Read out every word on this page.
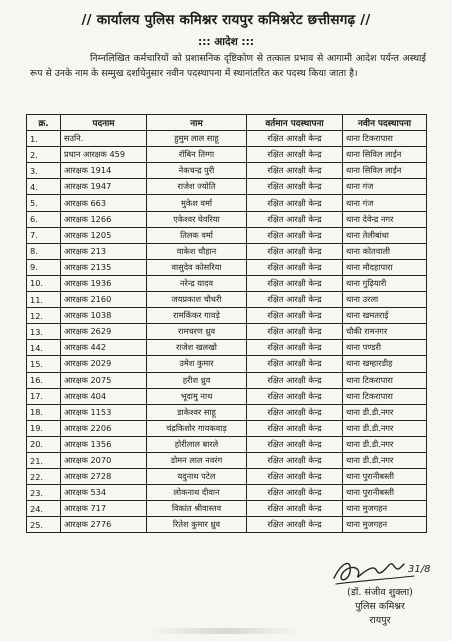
// कार्यालय पुलिस कमिश्नर रायपुर कमिश्नरेट छत्तीसगढ़ //
::: आदेश :::
निम्नलिखित कर्मचारियों को प्रशासनिक दृष्टिकोण से तत्काल प्रभाव से आगामी आदेश पर्यन्त अस्थाई रूप से उनके नाम के सम्मुख दर्शायेनुसार नवीन पदस्थापना में स्थानांतरित कर पदस्थ किया जाता है।
क्र.	पदनाम	नाम	वर्तमान पदस्थापना	नवीन पदस्थापना
1.	सउनि.	हुमुम लाल साहू	रक्षित आरक्षी केन्द्र	थाना टिकरापारा
2.	प्रधान आरक्षक 459	रॉबिन तिग्गा	रक्षित आरक्षी केन्द्र	थाना सिविल लाईन
3.	आरक्षक 1914	नेकचन्द्र पुरी	रक्षित आरक्षी केन्द्र	थाना सिविल लाईन
4.	आरक्षक 1947	राजेश ज्योति	रक्षित आरक्षी केन्द्र	थाना गंज
5.	आरक्षक 663	मुकेश वर्मा	रक्षित आरक्षी केन्द्र	थाना गंज
6.	आरक्षक 1266	एकेश्वर घेवरिया	रक्षित आरक्षी केन्द्र	थाना देवेन्द्र नगर
7.	आरक्षक 1205	तिलक वर्मा	रक्षित आरक्षी केन्द्र	थाना तेलीबांधा
8.	आरक्षक 213	वाकेश चौहान	रक्षित आरक्षी केन्द्र	थाना कोतवाली
9.	आरक्षक 2135	वासुदेव कोसरिया	रक्षित आरक्षी केन्द्र	थाना मौदहापारा
10.	आरक्षक 1936	नरेन्द्र यादव	रक्षित आरक्षी केन्द्र	थाना गुढ़ियारी
11.	आरक्षक 2160	जयप्रकाश चौधरी	रक्षित आरक्षी केन्द्र	थाना उरला
12.	आरक्षक 1038	रामकिंकर गावड़े	रक्षित आरक्षी केन्द्र	थाना खमतराई
13.	आरक्षक 2629	रामचरण ध्रुव	रक्षित आरक्षी केन्द्र	चौकी रामनगर
14.	आरक्षक 442	राजेश खलखो	रक्षित आरक्षी केन्द्र	थाना पण्डरी
15.	आरक्षक 2029	उमेश कुमार	रक्षित आरक्षी केन्द्र	थाना खम्हारडीह
16.	आरक्षक 2075	हरीश ध्रुव	रक्षित आरक्षी केन्द्र	थाना टिकरापारा
17.	आरक्षक 404	भूदामु नाथ	रक्षित आरक्षी केन्द्र	थाना टिकरापारा
18.	आरक्षक 1153	डाकेश्वर साहू	रक्षित आरक्षी केन्द्र	थाना डी.डी.नगर
19.	आरक्षक 2206	चंद्रकिशोर गायकवाड़	रक्षित आरक्षी केन्द्र	थाना डी.डी.नगर
20.	आरक्षक 1356	होरीलाल बारले	रक्षित आरक्षी केन्द्र	थाना डी.डी.नगर
21.	आरक्षक 2070	डोमन लाल नवरंग	रक्षित आरक्षी केन्द्र	थाना डी.डी.नगर
22.	आरक्षक 2728	यदुनाथ पटेल	रक्षित आरक्षी केन्द्र	थाना पुरानीबस्ती
23.	आरक्षक 534	लोकनाथ दीवान	रक्षित आरक्षी केन्द्र	थाना पुरानीबस्ती
24.	आरक्षक 717	विकांत श्रीवास्तव	रक्षित आरक्षी केन्द्र	थाना मुजगहन
25.	आरक्षक 2776	रितेश कुमार ध्रुव	रक्षित आरक्षी केन्द्र	थाना मुजगहन
31/8
(डॉ. संजीव शुक्ला)
पुलिस कमिश्नर
रायपुर
